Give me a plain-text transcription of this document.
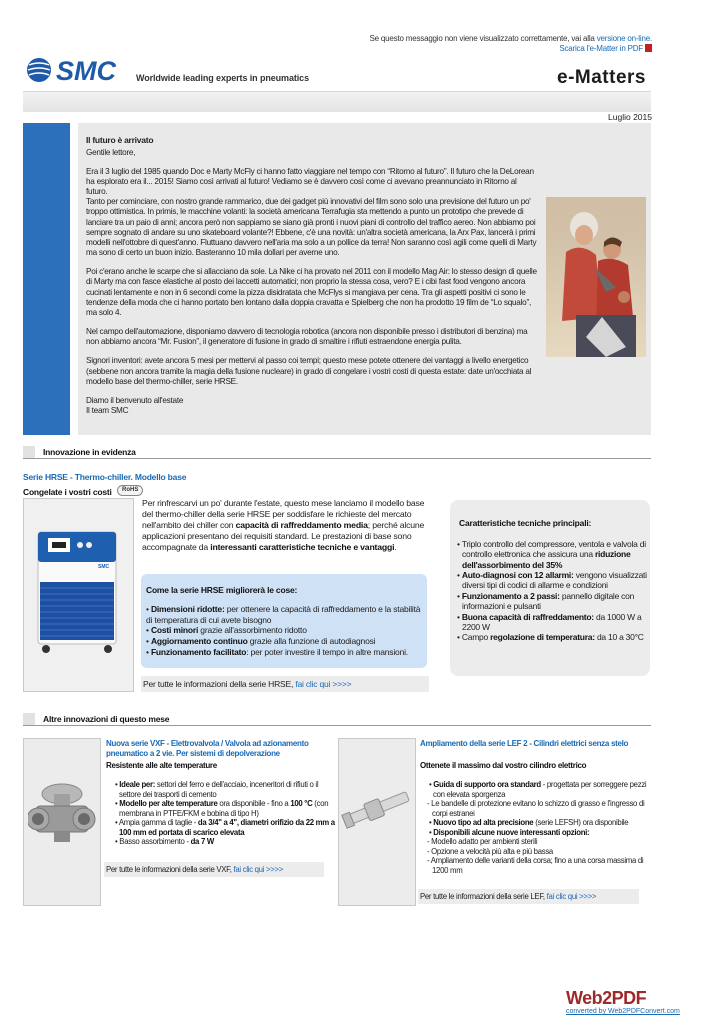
Se questo messaggio non viene visualizzato correttamente, vai alla versione on-line.
Scarica l'e-Matter in PDF
SMC Worldwide leading experts in pneumatics	e-Matters
Luglio 2015
Il futuro è arrivato

Gentile lettore,

Era il 3 luglio del 1985 quando Doc e Marty McFly ci hanno fatto viaggiare nel tempo con “Ritorno al futuro”. Il futuro che la DeLorean ha esplorato era il... 2015! Siamo così arrivati al futuro! Vediamo se è davvero così come ci avevano preannunciato in Ritorno al futuro.

Tanto per cominciare, con nostro grande rammarico, due dei gadget più innovativi del film sono solo una previsione del futuro un po' troppo ottimistica. In primis, le macchine volanti: la società americana Terrafugia sta mettendo a punto un prototipo che prevede di lanciare tra un paio di anni; ancora però non sappiamo se siano già pronti i nuovi piani di controllo del traffico aereo. Non abbiamo poi sempre sognato di andare su uno skateboard volante?! Ebbene, c'è una novità: un'altra società americana, la Arx Pax, lancerà i primi modelli nell'ottobre di quest'anno. Fluttuano davvero nell'aria ma solo a un pollice da terra! Non saranno così agili come quelli di Marty ma sono di certo un buon inizio. Basteranno 10 mila dollari per averne uno.

Poi c'erano anche le scarpe che si allacciano da sole. La Nike ci ha provato nel 2011 con il modello Mag Air: lo stesso design di quelle di Marty ma con fasce elastiche al posto dei laccetti automatici; non proprio la stessa cosa, vero? E i cibi fast food vengono ancora cucinati lentamente e non in 6 secondi come la pizza disidratata che McFlys si mangiava per cena. Tra gli aspetti positivi ci sono le tendenze della moda che ci hanno portato ben lontano dalla doppia cravatta e Spielberg che non ha prodotto 19 film de “Lo squalo”, ma solo 4.

Nel campo dell'automazione, disponiamo davvero di tecnologia robotica (ancora non disponibile presso i distributori di benzina) ma non abbiamo ancora “Mr. Fusion”, il generatore di fusione in grado di smaltire i rifiuti estraendone energia pulita.

Signori inventori: avete ancora 5 mesi per mettervi al passo coi tempi; questo mese potete ottenere dei vantaggi a livello energetico (sebbene non ancora tramite la magia della fusione nucleare) in grado di congelare i vostri costi di questa estate: date un'occhiata al modello base del thermo-chiller, serie HRSE.

Diamo il benvenuto all'estate
Il team SMC
Innovazione in evidenza
Serie HRSE - Thermo-chiller. Modello base
Congelate i vostri costi	RoHS
SMC
Per rinfrescarvi un po' durante l'estate, questo mese lanciamo il modello base del thermo-chiller della serie HRSE per soddisfare le richieste del mercato nell'ambito dei chiller con capacità di raffreddamento media; perché alcune applicazioni presentano dei requisiti standard. Le prestazioni di base sono accompagnate da interessanti caratteristiche tecniche e vantaggi.
Come la serie HRSE migliorerà le cose:
• Dimensioni ridotte: per ottenere la capacità di raffreddamento e la stabilità di temperatura di cui avete bisogno
• Costi minori grazie all'assorbimento ridotto
• Aggiornamento continuo grazie alla funzione di autodiagnosi
• Funzionamento facilitato: per poter investire il tempo in altre mansioni.
Per tutte le informazioni della serie HRSE, fai clic qui >>>>
Caratteristiche tecniche principali:
• Triplo controllo del compressore, ventola e valvola di controllo elettronica che assicura una riduzione dell'assorbimento del 35%
• Auto-diagnosi con 12 allarmi: vengono visualizzati diversi tipi di codici di allarme e condizioni
• Funzionamento a 2 passi: pannello digitale con informazioni e pulsanti
• Buona capacità di raffreddamento: da 1000 W a 2200 W
• Campo regolazione di temperatura: da 10 a 30°C
Altre innovazioni di questo mese
Nuova serie VXF - Elettrovalvola / Valvola ad azionamento pneumatico a 2 vie. Per sistemi di depolverazione
Resistente alle alte temperature
• Ideale per: settori del ferro e dell'acciaio, inceneritori di rifiuti o il settore dei trasporti di cemento
• Modello per alte temperature ora disponibile - fino a 100 °C (con membrana in PTFE/FKM e bobina di tipo H)
• Ampia gamma di taglie - da 3/4" a 4", diametri orifizio da 22 mm a 100 mm ed portata di scarico elevata
• Basso assorbimento - da 7 W
Per tutte le informazioni della serie VXF, fai clic qui >>>>
Ampliamento della serie LEF 2 - Cilindri elettrici senza stelo
Ottenete il massimo dal vostro cilindro elettrico
• Guida di supporto ora standard - progettata per sorreggere pezzi con elevata sporgenza
- Le bandelle di protezione evitano lo schizzo di grasso e l'ingresso di corpi estranei
• Nuovo tipo ad alta precisione (serie LEFSH) ora disponibile
• Disponibili alcune nuove interessanti opzioni:
- Modello adatto per ambienti sterili
- Opzione a velocità più alta e più bassa
- Ampliamento delle varianti della corsa; fino a una corsa massima di 1200 mm
Per tutte le informazioni della serie LEF, fai clic qui >>>>
Web2PDF
converted by Web2PDFConvert.com
